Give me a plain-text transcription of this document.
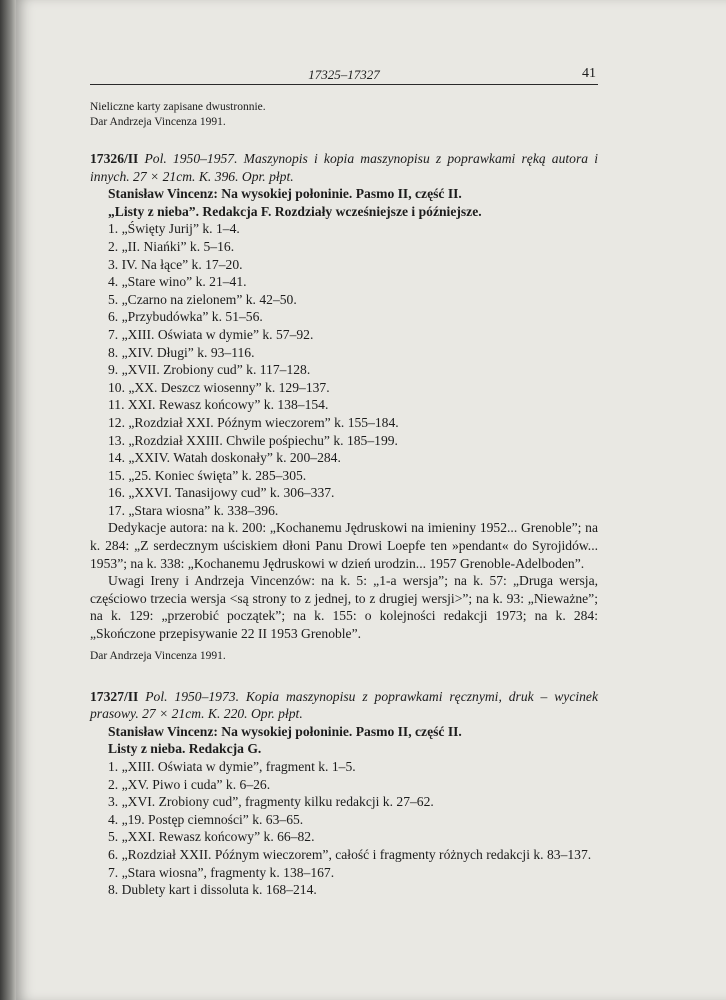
17325–17327	41

Nieliczne karty zapisane dwustronnie.

Dar Andrzeja Vincenza 1991.

17326/II Pol. 1950–1957. Maszynopis i kopia maszynopisu z poprawkami ręką autora i innych. 27 × 21cm. K. 396. Opr. płpt.

Stanisław Vincenz: Na wysokiej połoninie. Pasmo II, część II.

„Listy z nieba”. Redakcja F. Rozdziały wcześniejsze i późniejsze.

1. „Święty Jurij” k. 1–4.
2. „II. Niańki” k. 5–16.
3. IV. Na łące” k. 17–20.
4. „Stare wino” k. 21–41.
5. „Czarno na zielonem” k. 42–50.
6. „Przybudówka” k. 51–56.
7. „XIII. Oświata w dymie” k. 57–92.
8. „XIV. Długi” k. 93–116.
9. „XVII. Zrobiony cud” k. 117–128.
10. „XX. Deszcz wiosenny” k. 129–137.
11. XXI. Rewasz końcowy” k. 138–154.
12. „Rozdział XXI. Późnym wieczorem” k. 155–184.
13. „Rozdział XXIII. Chwile pośpiechu” k. 185–199.
14. „XXIV. Watah doskonały” k. 200–284.
15. „25. Koniec święta” k. 285–305.
16. „XXVI. Tanasijowy cud” k. 306–337.
17. „Stara wiosna” k. 338–396.

Dedykacje autora: na k. 200: „Kochanemu Jędruskowi na imieniny 1952... Grenoble”; na k. 284: „Z serdecznym uściskiem dłoni Panu Drowi Loepfe ten »pendant« do Syrojidów... 1953”; na k. 338: „Kochanemu Jędruskowi w dzień urodzin... 1957 Grenoble-Adelboden”.

Uwagi Ireny i Andrzeja Vincenzów: na k. 5: „1-a wersja”; na k. 57: „Druga wersja, częściowo trzecia wersja <są strony to z jednej, to z drugiej wersji>”; na k. 93: „Nieważne”; na k. 129: „przerobić początek”; na k. 155: o kolejności redakcji 1973; na k. 284: „Skończone przepisywanie 22 II 1953 Grenoble”.

Dar Andrzeja Vincenza 1991.

17327/II Pol. 1950–1973. Kopia maszynopisu z poprawkami ręcznymi, druk – wycinek prasowy. 27 × 21cm. K. 220. Opr. płpt.

Stanisław Vincenz: Na wysokiej połoninie. Pasmo II, część II.

Listy z nieba. Redakcja G.

1. „XIII. Oświata w dymie”, fragment k. 1–5.
2. „XV. Piwo i cuda” k. 6–26.
3. „XVI. Zrobiony cud”, fragmenty kilku redakcji k. 27–62.
4. „19. Postęp ciemności” k. 63–65.
5. „XXI. Rewasz końcowy” k. 66–82.
6. „Rozdział XXII. Późnym wieczorem”, całość i fragmenty różnych redakcji k. 83–137.
7. „Stara wiosna”, fragmenty k. 138–167.
8. Dublety kart i dissoluta k. 168–214.
